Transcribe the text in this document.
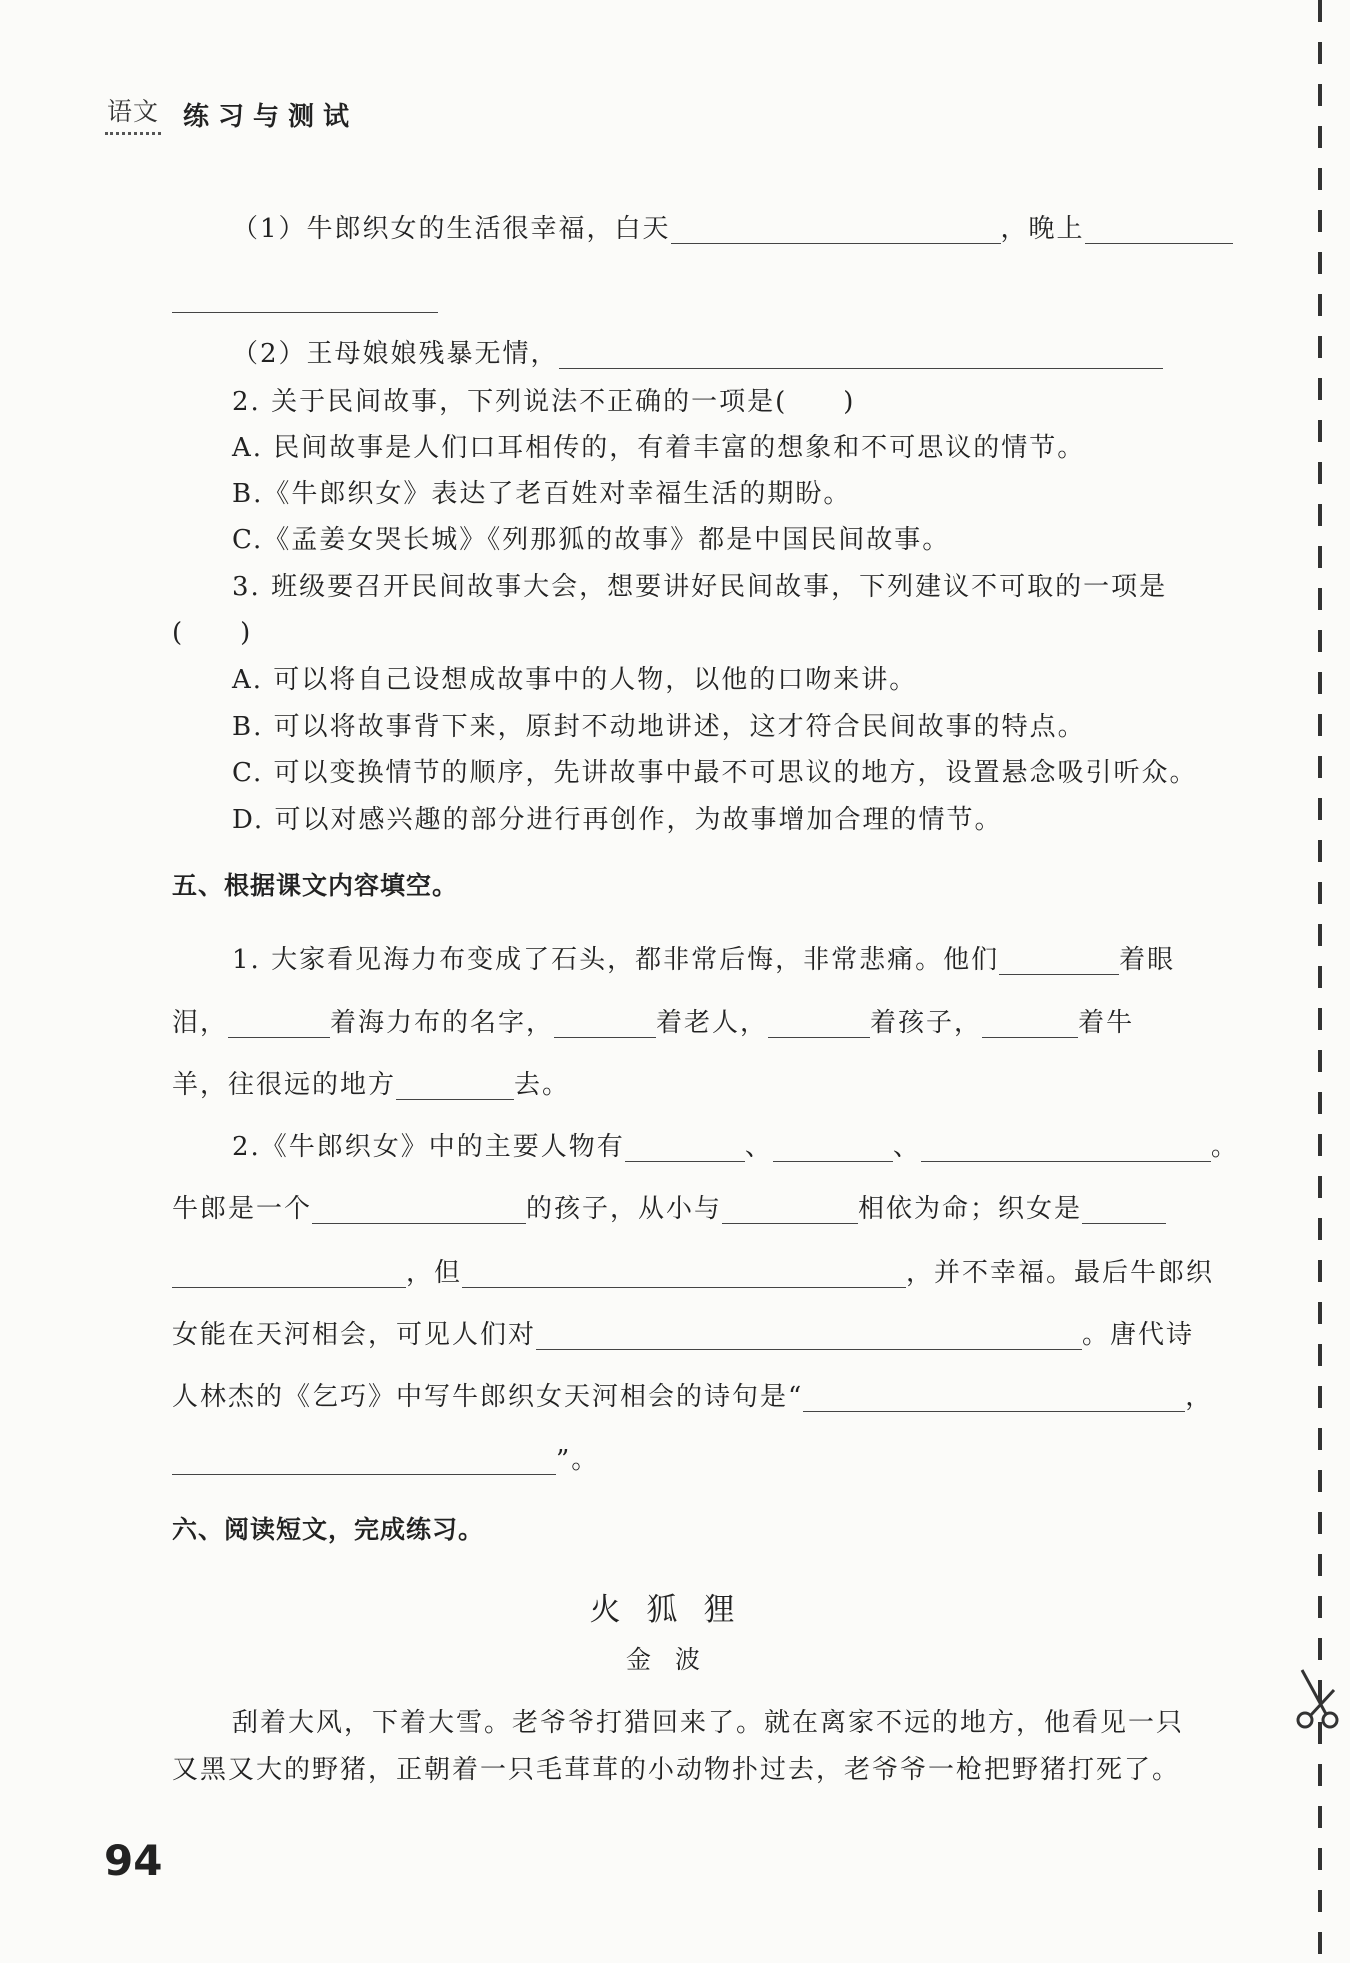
语文 练习与测试
（1）牛郎织女的生活很幸福，白天	，晚上
（2）王母娘娘残暴无情，
2. 关于民间故事，下列说法不正确的一项是(　　)
A. 民间故事是人们口耳相传的，有着丰富的想象和不可思议的情节。
B.《牛郎织女》表达了老百姓对幸福生活的期盼。
C.《孟姜女哭长城》《列那狐的故事》都是中国民间故事。
3. 班级要召开民间故事大会，想要讲好民间故事，下列建议不可取的一项是
(　　)
A. 可以将自己设想成故事中的人物，以他的口吻来讲。
B. 可以将故事背下来，原封不动地讲述，这才符合民间故事的特点。
C. 可以变换情节的顺序，先讲故事中最不可思议的地方，设置悬念吸引听众。
D. 可以对感兴趣的部分进行再创作，为故事增加合理的情节。
五、根据课文内容填空。
1. 大家看见海力布变成了石头，都非常后悔，非常悲痛。他们	着眼
泪，	着海力布的名字，	着老人，	着孩子，	着牛
羊，往很远的地方	去。
2.《牛郎织女》中的主要人物有	、	、	。
牛郎是一个	的孩子，从小与	相依为命；织女是
，但	，并不幸福。最后牛郎织
女能在天河相会，可见人们对	。唐代诗
人林杰的《乞巧》中写牛郎织女天河相会的诗句是“	，
”。
六、阅读短文，完成练习。
火狐狸
金波
刮着大风，下着大雪。老爷爷打猎回来了。就在离家不远的地方，他看见一只
又黑又大的野猪，正朝着一只毛茸茸的小动物扑过去，老爷爷一枪把野猪打死了。
94
